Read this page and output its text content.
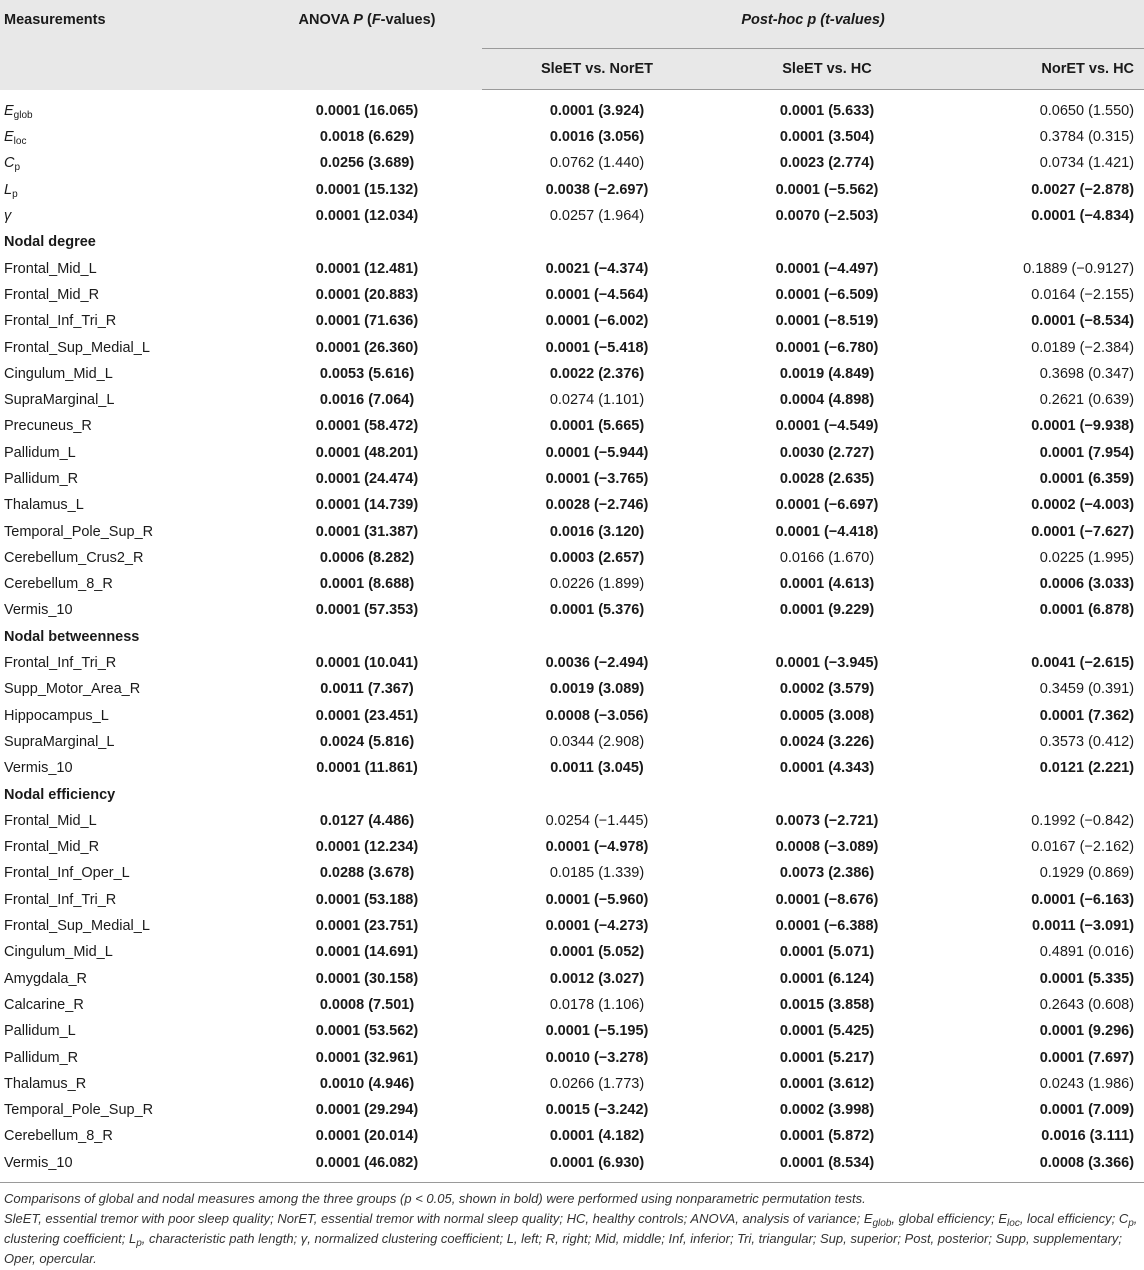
Measurements	ANOVA P (F-values)	Post-hoc p (t-values)		
		SleET vs. NorET	SleET vs. HC	NorET vs. HC
$E_{glob}$	0.0001 (16.065)	0.0001 (3.924)	0.0001 (5.633)	0.0650 (1.550)
$E_{loc}$	0.0018 (6.629)	0.0016 (3.056)	0.0001 (3.504)	0.3784 (0.315)
$C_p$	0.0256 (3.689)	0.0762 (1.440)	0.0023 (2.774)	0.0734 (1.421)
$L_p$	0.0001 (15.132)	0.0038 (−2.697)	0.0001 (−5.562)	0.0027 (−2.878)
γ	0.0001 (12.034)	0.0257 (1.964)	0.0070 (−2.503)	0.0001 (−4.834)
Nodal degree				
Frontal_Mid_L	0.0001 (12.481)	0.0021 (−4.374)	0.0001 (−4.497)	0.1889 (−0.9127)
Frontal_Mid_R	0.0001 (20.883)	0.0001 (−4.564)	0.0001 (−6.509)	0.0164 (−2.155)
Frontal_Inf_Tri_R	0.0001 (71.636)	0.0001 (−6.002)	0.0001 (−8.519)	0.0001 (−8.534)
Frontal_Sup_Medial_L	0.0001 (26.360)	0.0001 (−5.418)	0.0001 (−6.780)	0.0189 (−2.384)
Cingulum_Mid_L	0.0053 (5.616)	0.0022 (2.376)	0.0019 (4.849)	0.3698 (0.347)
SupraMarginal_L	0.0016 (7.064)	0.0274 (1.101)	0.0004 (4.898)	0.2621 (0.639)
Precuneus_R	0.0001 (58.472)	0.0001 (5.665)	0.0001 (−4.549)	0.0001 (−9.938)
Pallidum_L	0.0001 (48.201)	0.0001 (−5.944)	0.0030 (2.727)	0.0001 (7.954)
Pallidum_R	0.0001 (24.474)	0.0001 (−3.765)	0.0028 (2.635)	0.0001 (6.359)
Thalamus_L	0.0001 (14.739)	0.0028 (−2.746)	0.0001 (−6.697)	0.0002 (−4.003)
Temporal_Pole_Sup_R	0.0001 (31.387)	0.0016 (3.120)	0.0001 (−4.418)	0.0001 (−7.627)
Cerebellum_Crus2_R	0.0006 (8.282)	0.0003 (2.657)	0.0166 (1.670)	0.0225 (1.995)
Cerebellum_8_R	0.0001 (8.688)	0.0226 (1.899)	0.0001 (4.613)	0.0006 (3.033)
Vermis_10	0.0001 (57.353)	0.0001 (5.376)	0.0001 (9.229)	0.0001 (6.878)
Nodal betweenness				
Frontal_Inf_Tri_R	0.0001 (10.041)	0.0036 (−2.494)	0.0001 (−3.945)	0.0041 (−2.615)
Supp_Motor_Area_R	0.0011 (7.367)	0.0019 (3.089)	0.0002 (3.579)	0.3459 (0.391)
Hippocampus_L	0.0001 (23.451)	0.0008 (−3.056)	0.0005 (3.008)	0.0001 (7.362)
SupraMarginal_L	0.0024 (5.816)	0.0344 (2.908)	0.0024 (3.226)	0.3573 (0.412)
Vermis_10	0.0001 (11.861)	0.0011 (3.045)	0.0001 (4.343)	0.0121 (2.221)
Nodal efficiency				
Frontal_Mid_L	0.0127 (4.486)	0.0254 (−1.445)	0.0073 (−2.721)	0.1992 (−0.842)
Frontal_Mid_R	0.0001 (12.234)	0.0001 (−4.978)	0.0008 (−3.089)	0.0167 (−2.162)
Frontal_Inf_Oper_L	0.0288 (3.678)	0.0185 (1.339)	0.0073 (2.386)	0.1929 (0.869)
Frontal_Inf_Tri_R	0.0001 (53.188)	0.0001 (−5.960)	0.0001 (−8.676)	0.0001 (−6.163)
Frontal_Sup_Medial_L	0.0001 (23.751)	0.0001 (−4.273)	0.0001 (−6.388)	0.0011 (−3.091)
Cingulum_Mid_L	0.0001 (14.691)	0.0001 (5.052)	0.0001 (5.071)	0.4891 (0.016)
Amygdala_R	0.0001 (30.158)	0.0012 (3.027)	0.0001 (6.124)	0.0001 (5.335)
Calcarine_R	0.0008 (7.501)	0.0178 (1.106)	0.0015 (3.858)	0.2643 (0.608)
Pallidum_L	0.0001 (53.562)	0.0001 (−5.195)	0.0001 (5.425)	0.0001 (9.296)
Pallidum_R	0.0001 (32.961)	0.0010 (−3.278)	0.0001 (5.217)	0.0001 (7.697)
Thalamus_R	0.0010 (4.946)	0.0266 (1.773)	0.0001 (3.612)	0.0243 (1.986)
Temporal_Pole_Sup_R	0.0001 (29.294)	0.0015 (−3.242)	0.0002 (3.998)	0.0001 (7.009)
Cerebellum_8_R	0.0001 (20.014)	0.0001 (4.182)	0.0001 (5.872)	0.0016 (3.111)
Vermis_10	0.0001 (46.082)	0.0001 (6.930)	0.0001 (8.534)	0.0008 (3.366)

Comparisons of global and nodal measures among the three groups (p < 0.05, shown in bold) were performed using nonparametric permutation tests.

SleET, essential tremor with poor sleep quality; NorET, essential tremor with normal sleep quality; HC, healthy controls; ANOVA, analysis of variance; $E_{glob}$, global efficiency; $E_{loc}$, local efficiency; $C_p$, clustering coefficient; $L_p$, characteristic path length; γ, normalized clustering coefficient; L, left; R, right; Mid, middle; Inf, inferior; Tri, triangular; Sup, superior; Post, posterior; Supp, supplementary; Oper, opercular.
